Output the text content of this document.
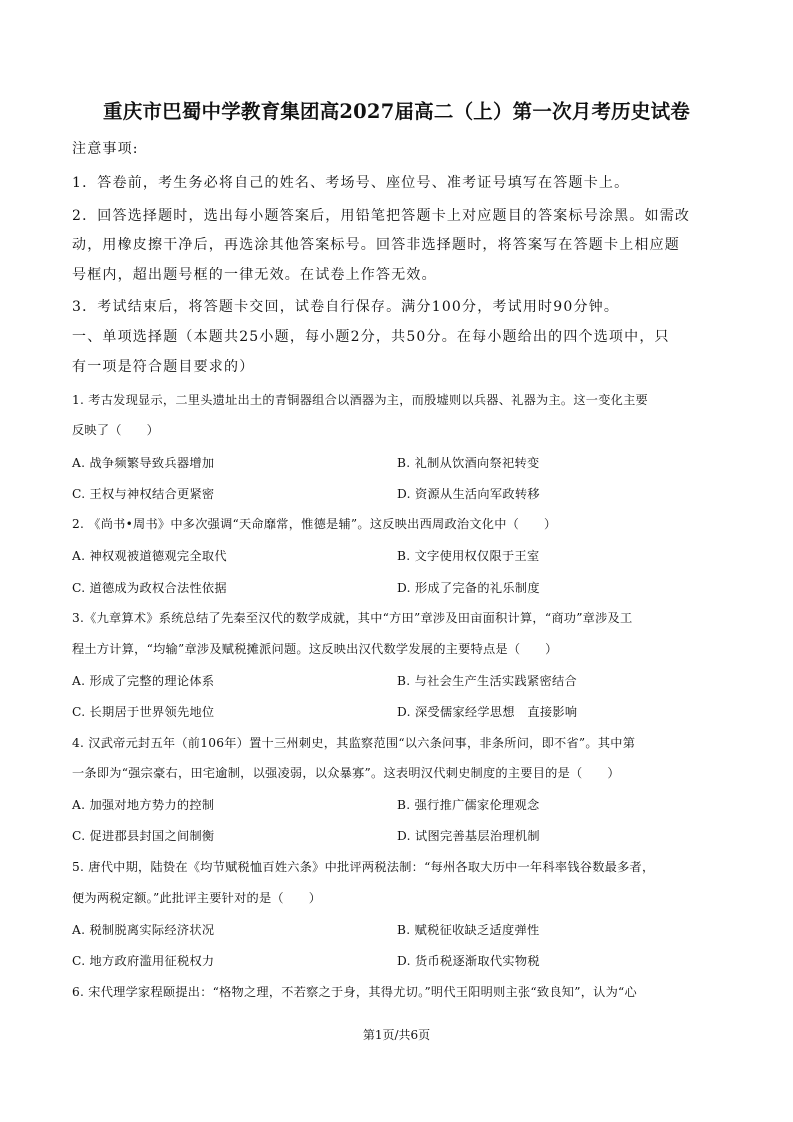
重庆市巴蜀中学教育集团高2027届高二（上）第一次月考历史试卷
注意事项:
1．答卷前，考生务必将自己的姓名、考场号、座位号、准考证号填写在答题卡上。
2．回答选择题时，选出每小题答案后，用铅笔把答题卡上对应题目的答案标号涂黑。如需改
动，用橡皮擦干净后，再选涂其他答案标号。回答非选择题时，将答案写在答题卡上相应题
号框内，超出题号框的一律无效。在试卷上作答无效。
3．考试结束后，将答题卡交回，试卷自行保存。满分100分，考试用时90分钟。
一、单项选择题（本题共25小题，每小题2分，共50分。在每小题给出的四个选项中，只
有一项是符合题目要求的）
1. 考古发现显示，二里头遗址出土的青铜器组合以酒器为主，而殷墟则以兵器、礼器为主。这一变化主要
反映了（　　）
A. 战争频繁导致兵器增加	B. 礼制从饮酒向祭祀转变
C. 王权与神权结合更紧密	D. 资源从生活向军政转移
2. 《尚书•周书》中多次强调“天命靡常，惟德是辅”。这反映出西周政治文化中（　　）
A. 神权观被道德观完全取代	B. 文字使用权仅限于王室
C. 道德成为政权合法性依据	D. 形成了完备的礼乐制度
3.《九章算术》系统总结了先秦至汉代的数学成就，其中“方田”章涉及田亩面积计算，“商功”章涉及工
程土方计算，“均输”章涉及赋税摊派问题。这反映出汉代数学发展的主要特点是（　　）
A. 形成了完整的理论体系	B. 与社会生产生活实践紧密结合
C. 长期居于世界领先地位	D. 深受儒家经学思想　直接影响
4. 汉武帝元封五年（前106年）置十三州刺史，其监察范围“以六条问事，非条所问，即不省”。其中第
一条即为“强宗豪右，田宅逾制，以强凌弱，以众暴寡”。这表明汉代刺史制度的主要目的是（　　）
A. 加强对地方势力的控制	B. 强行推广儒家伦理观念
C. 促进郡县封国之间制衡	D. 试图完善基层治理机制
5. 唐代中期，陆贽在《均节赋税恤百姓六条》中批评两税法制：“每州各取大历中一年科率钱谷数最多者，
便为两税定额。”此批评主要针对的是（　　）
A. 税制脱离实际经济状况	B. 赋税征收缺乏适度弹性
C. 地方政府滥用征税权力	D. 货币税逐渐取代实物税
6. 宋代理学家程颐提出：“格物之理，不若察之于身，其得尤切。”明代王阳明则主张“致良知”，认为“心
第1页/共6页
